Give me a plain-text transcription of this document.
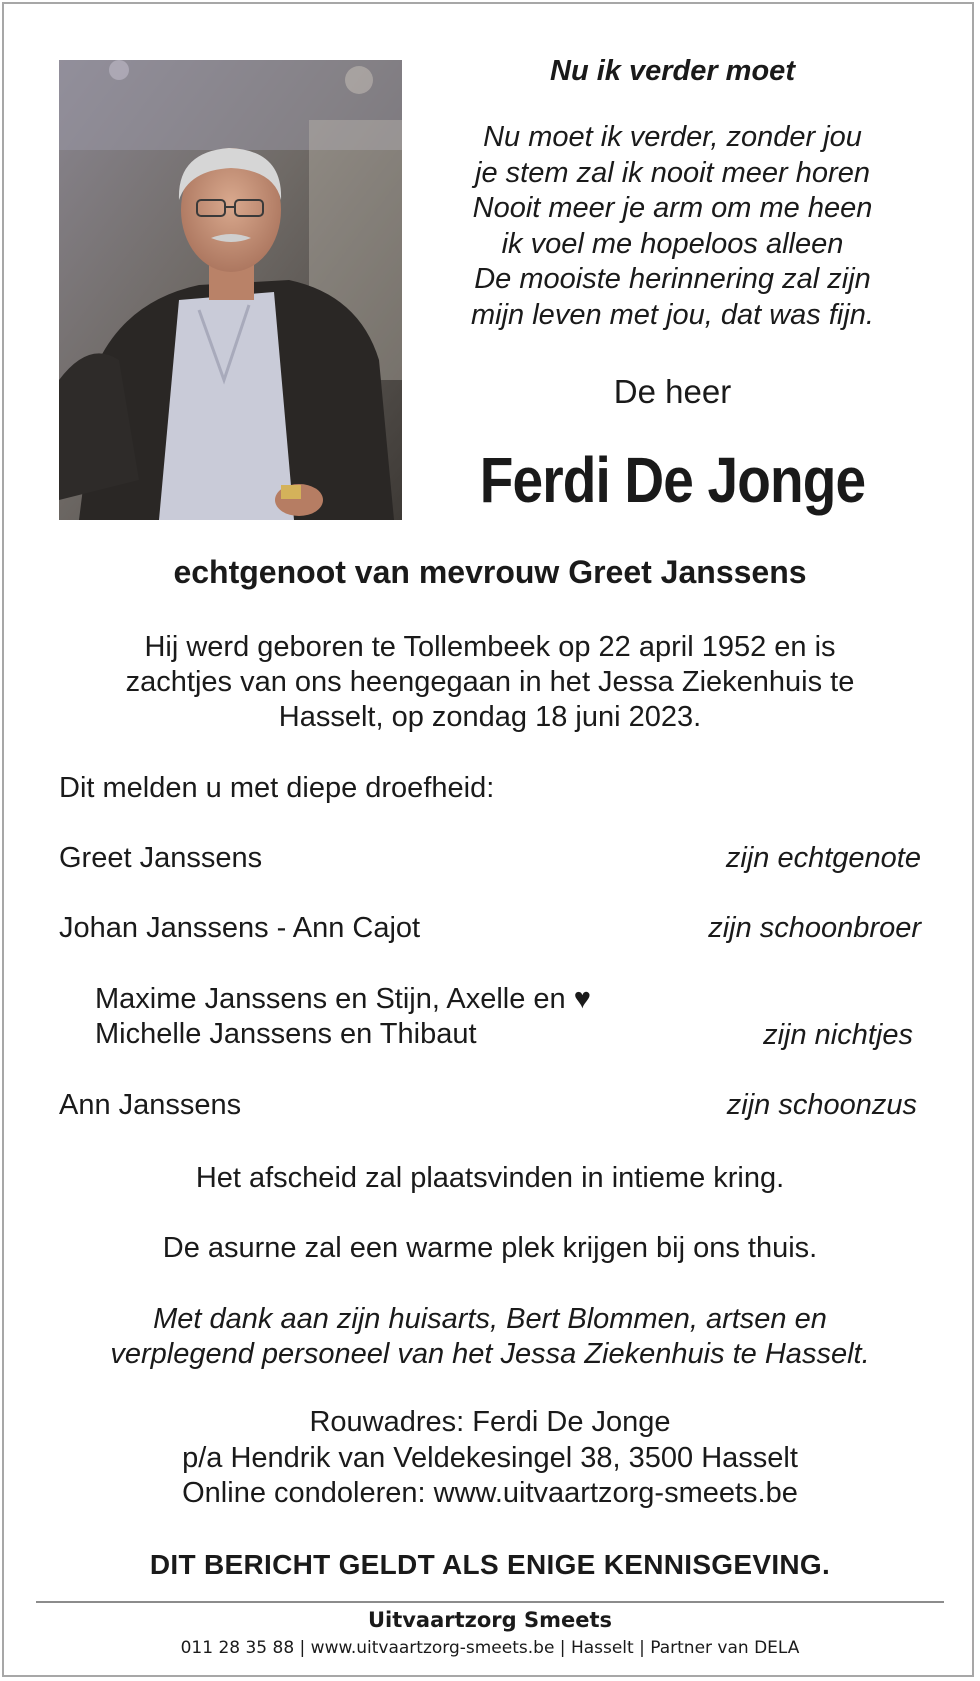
Nu ik verder moet
Nu moet ik verder, zonder jou
je stem zal ik nooit meer horen
Nooit meer je arm om me heen
ik voel me hopeloos alleen
De mooiste herinnering zal zijn
mijn leven met jou, dat was fijn.
De heer
Ferdi De Jonge
echtgenoot van mevrouw Greet Janssens
Hij werd geboren te Tollembeek op 22 april 1952 en is
zachtjes van ons heengegaan in het Jessa Ziekenhuis te
Hasselt, op zondag 18 juni 2023.
Dit melden u met diepe droefheid:
Greet Janssens	zijn echtgenote
Johan Janssens - Ann Cajot	zijn schoonbroer
Maxime Janssens en Stijn, Axelle en ♥
Michelle Janssens en Thibaut	zijn nichtjes
Ann Janssens	zijn schoonzus
Het afscheid zal plaatsvinden in intieme kring.
De asurne zal een warme plek krijgen bij ons thuis.
Met dank aan zijn huisarts, Bert Blommen, artsen en
verplegend personeel van het Jessa Ziekenhuis te Hasselt.
Rouwadres: Ferdi De Jonge
p/a Hendrik van Veldekesingel 38, 3500 Hasselt
Online condoleren: www.uitvaartzorg-smeets.be
DIT BERICHT GELDT ALS ENIGE KENNISGEVING.
Uitvaartzorg Smeets
011 28 35 88 | www.uitvaartzorg-smeets.be | Hasselt | Partner van DELA
